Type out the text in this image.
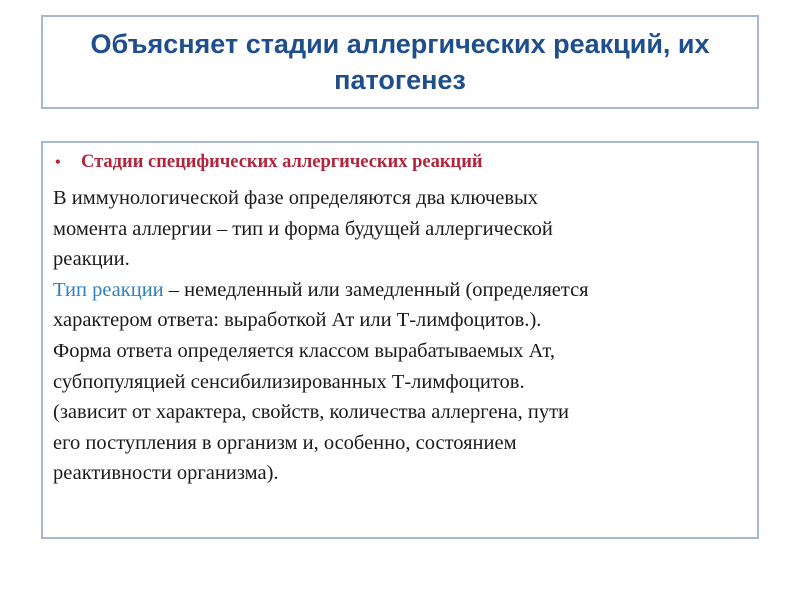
Объясняет стадии аллергических реакций, их патогенез
•	Стадии специфических аллергических реакций

В иммунологической фазе определяются два ключевых
момента аллергии – тип и форма будущей аллергической
реакции.
Тип реакции – немедленный или замедленный (определяется
характером ответа: выработкой Ат или Т-лимфоцитов.).
Форма ответа определяется классом вырабатываемых Ат,
субпопуляцией сенсибилизированных Т-лимфоцитов.
(зависит от характера, свойств, количества аллергена, пути
его поступления в организм и, особенно, состоянием
реактивности организма).
